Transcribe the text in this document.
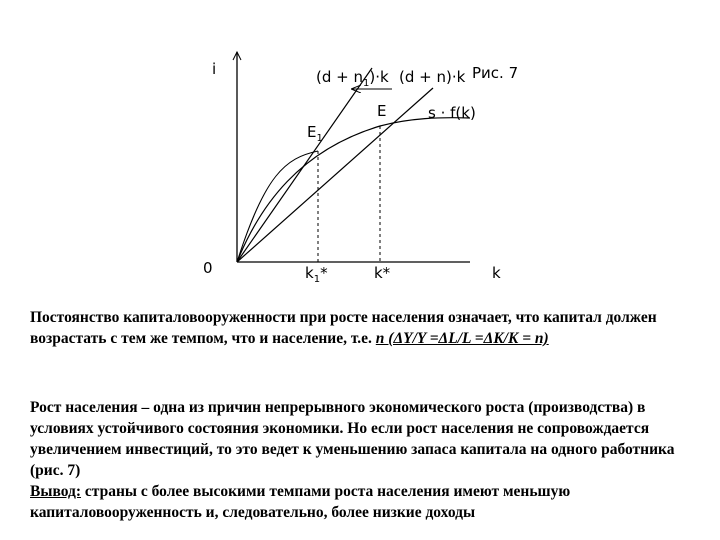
i
k
0
Рис. 7
$(d + n_1)\cdot k$ (d + n)·k
s · f(k)
E
$E_1$
$k_1*$	k*

Постоянство капиталовооруженности при росте населения означает, что капитал должен возрастать с тем же темпом, что и население, т.е. n (ΔY/Y =ΔL/L =ΔK/K = n)

Рост населения – одна из причин непрерывного экономического роста (производства) в условиях устойчивого состояния экономики. Но если рост населения не сопровождается увеличением инвестиций, то это ведет к уменьшению запаса капитала на одного работника (рис. 7)
Вывод: страны с более высокими темпами роста населения имеют меньшую капиталовооруженность и, следовательно, более низкие доходы
